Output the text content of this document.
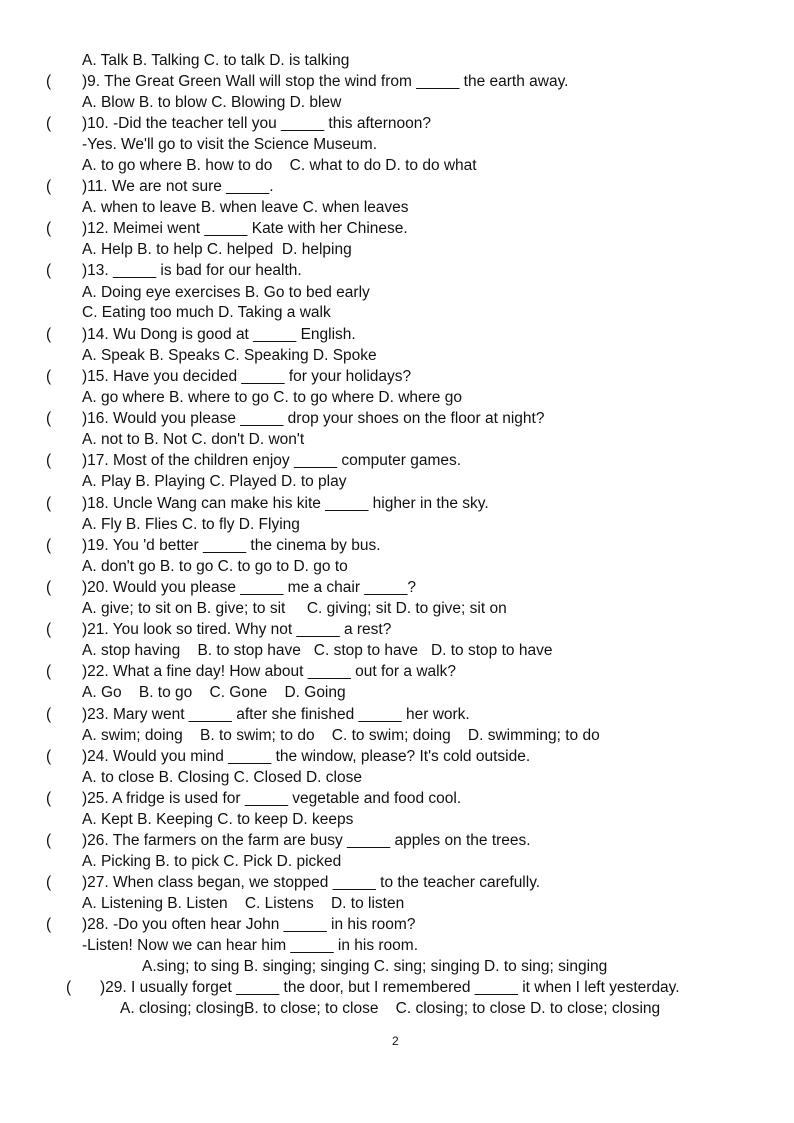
A. Talk B. Talking C. to talk D. is talking
( )9. The Great Green Wall will stop the wind from _____ the earth away.
A. Blow B. to blow C. Blowing D. blew
( )10. -Did the teacher tell you _____ this afternoon?
-Yes. We'll go to visit the Science Museum.
A. to go where B. how to do    C. what to do D. to do what
( )11. We are not sure _____.
A. when to leave B. when leave C. when leaves
( )12. Meimei went _____ Kate with her Chinese.
A. Help B. to help C. helped  D. helping
( )13. _____ is bad for our health.
A. Doing eye exercises B. Go to bed early
C. Eating too much D. Taking a walk
( )14. Wu Dong is good at _____ English.
A. Speak B. Speaks C. Speaking D. Spoke
( )15. Have you decided _____ for your holidays?
A. go where B. where to go C. to go where D. where go
( )16. Would you please _____ drop your shoes on the floor at night?
A. not to B. Not C. don't D. won't
( )17. Most of the children enjoy _____ computer games.
A. Play B. Playing C. Played D. to play
( )18. Uncle Wang can make his kite _____ higher in the sky.
A. Fly B. Flies C. to fly D. Flying
( )19. You 'd better _____ the cinema by bus.
A. don't go B. to go C. to go to D. go to
( )20. Would you please _____ me a chair _____?
A. give; to sit on B. give; to sit     C. giving; sit D. to give; sit on
( )21. You look so tired. Why not _____ a rest?
A. stop having    B. to stop have   C. stop to have   D. to stop to have
( )22. What a fine day! How about _____ out for a walk?
A. Go    B. to go    C. Gone    D. Going
( )23. Mary went _____ after she finished _____ her work.
A. swim; doing    B. to swim; to do    C. to swim; doing    D. swimming; to do
( )24. Would you mind _____ the window, please? It's cold outside.
A. to close B. Closing C. Closed D. close
( )25. A fridge is used for _____ vegetable and food cool.
A. Kept B. Keeping C. to keep D. keeps
( )26. The farmers on the farm are busy _____ apples on the trees.
A. Picking B. to pick C. Pick D. picked
( )27. When class began, we stopped _____ to the teacher carefully.
A. Listening B. Listen    C. Listens    D. to listen
( )28. -Do you often hear John _____ in his room?
-Listen! Now we can hear him _____ in his room.
A.sing; to sing B. singing; singing C. sing; singing D. to sing; singing
( )29. I usually forget _____ the door, but I remembered _____ it when I left yesterday.
A. closing; closingB. to close; to close    C. closing; to close D. to close; closing
2
